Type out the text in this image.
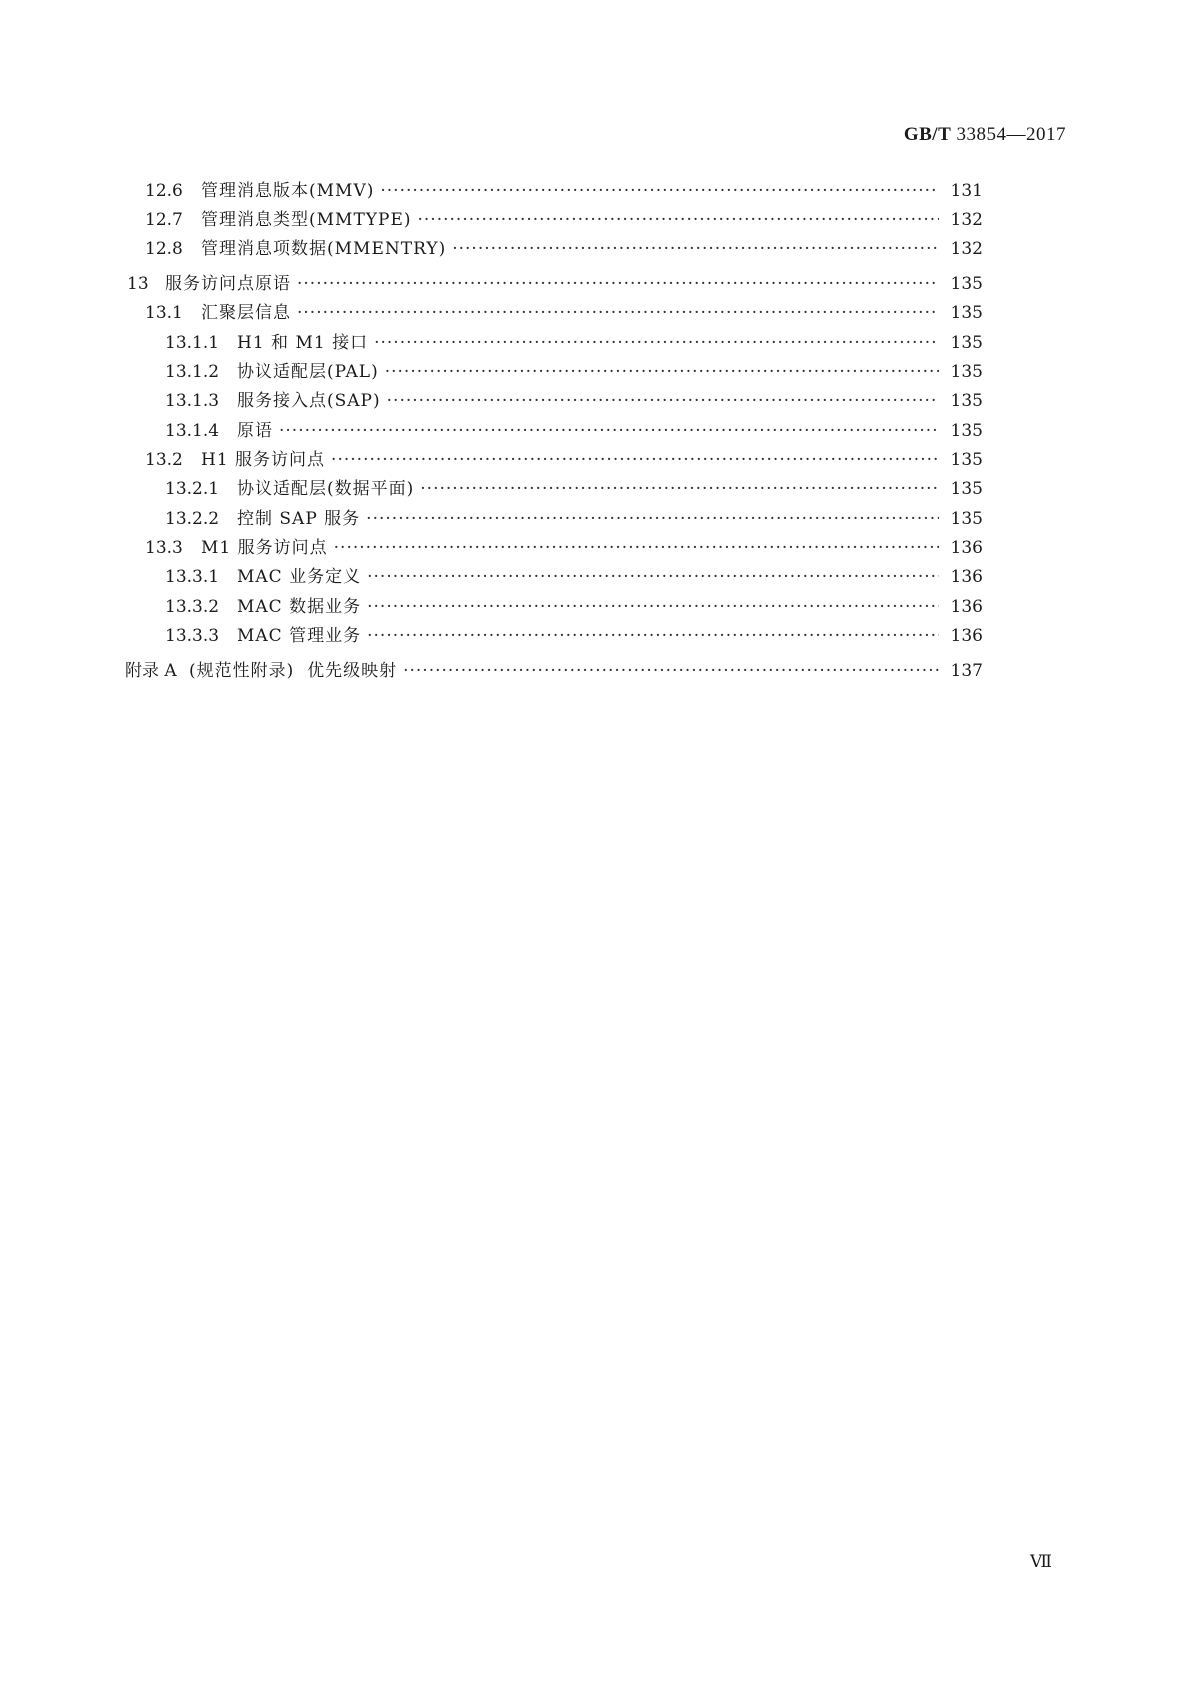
GB/T 33854—2017
12.6	管理消息版本(MMV) ·····	131
12.7	管理消息类型(MMTYPE) ·····	132
12.8	管理消息项数据(MMENTRY) ·····	132
13 服务访问点原语 ·····	135
13.1	汇聚层信息 ·····	135
13.1.1	H1 和 M1 接口 ·····	135
13.1.2	协议适配层(PAL) ·····	135
13.1.3	服务接入点(SAP) ·····	135
13.1.4	原语 ·····	135
13.2	H1 服务访问点 ·····	135
13.2.1	协议适配层(数据平面) ·····	135
13.2.2	控制 SAP 服务 ·····	135
13.3	M1 服务访问点 ·····	136
13.3.1	MAC 业务定义 ·····	136
13.3.2	MAC 数据业务 ·····	136
13.3.3	MAC 管理业务 ·····	136
附录 A (规范性附录)  优先级映射 ·····	137
Ⅶ
